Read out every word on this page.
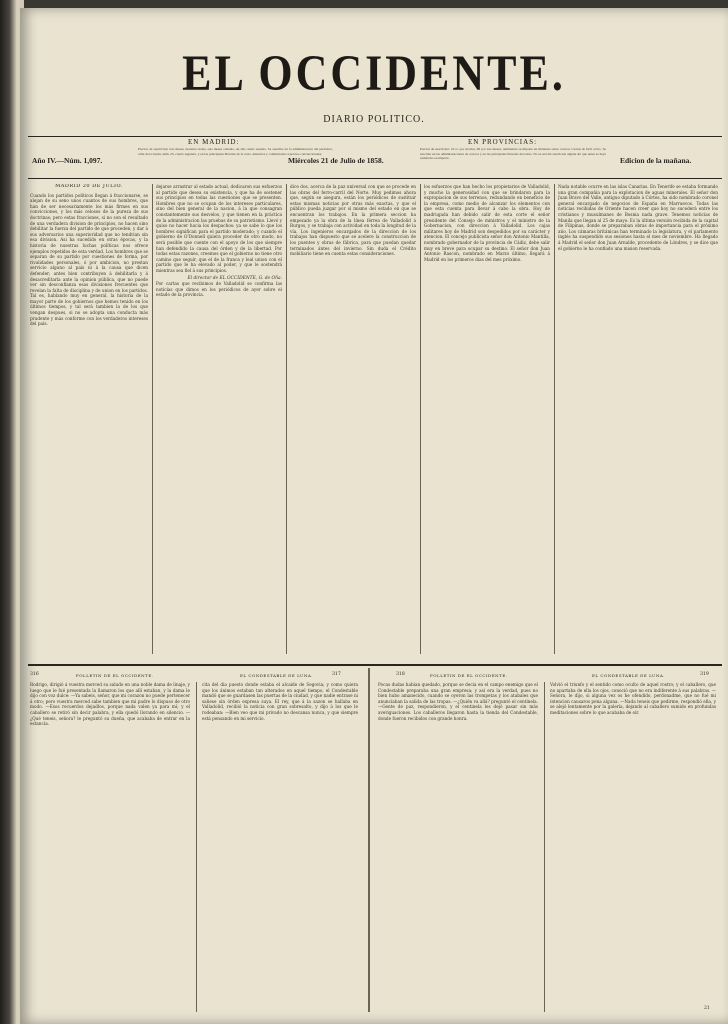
EL OCCIDENTE.
DIARIO POLITICO.
EN MADRID:	EN PROVINCIAS:
Año IV.—Núm. 1,097.
Precios de suscricion: tres meses cuarenta reales, seis meses ochenta, un año ciento sesenta. Se suscribe en la administracion del periódico, calle de la Greda, núm. 25, cuarto segundo, y en las principales librerías de la corte. Anuncios y comunicados á precios convencionales.
Miércoles 21 de Julio de 1858.
Precios de suscricion: 22 rs. por un mes, 60 por tres meses, remitiendo su importe en libranzas sobre correos ó letras de fácil cobro. Se suscribe en las administraciones de correos y en las principales librerías del reino. No se servirá suscricion alguna sin que antes se haya satisfecho su importe.	Edicion de la mañana.
MADRID 20 DE JULIO.
Cuando los partidos políticos llegan á fraccionarse, se alejan de su seno unos cuantos de sus hombres, que han de ser necesariamente los más firmes en sus convicciones, y los más celosos de la pureza de sus doctrinas; pero estas fracciones, si no son el resultado de una verdadera division de principios, no hacen sino debilitar la fuerza del partido de que proceden, y dar á sus adversarios una superioridad que no tendrian sin esa division. Asi ha sucedido en otras épocas, y la historia de nuestras luchas políticas nos ofrece ejemplos repetidos de esta verdad. Los hombres que se separan de su partido por cuestiones de forma, por rivalidades personales, ó por ambicion, no prestan servicio alguno al país ni á la causa que dicen defender; antes bien contribuyen á debilitarla y á desacreditarla ante la opinion pública, que no puede ver sin desconfianza esas divisiones frecuentes que revelan la falta de disciplina y de union en los partidos. Tal es, hablando muy en general, la historia de la mayor parte de los gobiernos que hemos tenido en los últimos tiempos, y tal será tambien la de los que vengan despues, si no se adopta una conducta más prudente y más conforme con los verdaderos intereses del país.
dejarse arrastrar al estado actual, dedicaron sus esfuerzos al partido que desea su existencia, y que ha de sostener sus principios en todas las cuestiones que se presenten. Hombres que no se ocupan de los intereses particulares, sino del bien general de la nacion, á la que consagran constantemente sus desvelos, y que tienen en la práctica de la administracion las pruebas de su patriotismo. Llevó y quiso no hacer hacia los despachos: ya se sabe lo que los hombres significan para el partido moderado; y cuando el gobierno de O'Donnell quiera proceder de otro modo, no será posible que cuente con el apoyo de los que siempre han defendido la causa del órden y de la libertad. Por todas estas razones, creemos que el gobierno no tiene otro camino que seguir, que el de la franca y leal union con el partido que le ha elevado al poder, y que le sostendrá mientras sea fiel á sus principios.
El director de EL OCCIDENTE, G. de Oña.
Por cartas que recibimos de Valladolid se confirma las noticias que dimos en los periódicos de ayer sobre el estado de la provincia.
dice dos, acerca de la paz universal con que se procede en las obras del ferro-carril del Norte. Muy pedimos ahora que, según se asegura, están los periódicos de sustituir estas mismas noticias por otras más exactas, y que el público pueda juzgar por sí mismo del estado en que se encuentran los trabajos. En la primera seccion ha empezado ya la obra de la línea férrea de Valladolid á Burgos, y se trabaja con actividad en toda la longitud de la vía. Los ingenieros encargados de la direccion de los trabajos han dispuesto que se acelere la construccion de los puentes y obras de fábrica, para que puedan quedar terminados ántes del invierno. Sin duda el Crédito mobiliario tiene en cuenta estas consideraciones.
los esfuerzos que han hecho los propietarios de Valladolid, y mucho la generosidad con que se brindaron para la expropiacion de sus terrenos, redundando en beneficio de la empresa, como medio de alcanzar los elementos con que esta cuenta para llevar á cabo la obra. Hoy de madrugada han debido salir de esta corte el señor presidente del Consejo de ministros y el ministro de la Gobernacion, con direccion á Valladolid. Los cajas militares hoy de Madrid son despedidos por su carácter y atencion. El concejo publicista señor don Antonio Mantilla, nombrado gobernador de la provincia de Cádiz, debe salir muy en breve para ocupar su destino. El señor don Juan Antonio Rascon, nombrado en Marzo último, llegará á Madrid en los primeros dias del mes próximo.
Nada notable ocurre en las islas Canarias. En Tenerife se estaba formando una gran compañía para la explotacion de aguas minerales. El señor don Juan Bravo del Valle, antiguo diputado á Córtes, ha sido nombrado coronel general encargado de negocios de España en Marruecos. Todas las noticias recibidas de Oriente hacen creer que hoy no sucederá entre los cristianos y musulmanes de Bosnia nada grave. Tenemos noticias de Manila que llegan al 25 de mayo. Es la última versión recibida de la capital de Filipinas, donde se preparaban obras de importancia para el próximo año. Los cámaras británicas han terminado la legislatura, y el parlamento inglés ha suspendido sus sesiones hasta el mes de noviembre. Ha llegado á Madrid el señor don Juan Arnalde, procedente de Lóndres, y se dice que el gobierno le ha confiado una mision reservada.
316	FOLLETIN DE EL OCCIDENTE.	EL CONDESTABLE DE LUNA.	317	318	FOLLETIN DE EL OCCIDENTE.	EL CONDESTABLE DE LUNA.	319
Rodrigo, dirigió á vuestra merced su saludo en una noble dama de linaje, y luego que le fué presentada la llamaron los que allí estaban, y la dama le dijo con voz dulce: —Ya sabeis, señor, que mi corazon no puede pertenecer á otro; pero vuestra merced sabe tambien que mi padre lo dispuso de otro modo. —Esos recuerdos dejadlos, porque nada valen ya para mí; y el caballero se retiró sin decir palabra, y ella quedó llorando en silencio. —¿Qué teneis, señora? le preguntó su dueña, que acababa de entrar en la estancia.
cita del dia puesto donde estaba el alcaide de Segovia; y como quiera que los ánimos estaban tan alterados en aquel tiempo, el Condestable mandó que se guardasen las puertas de la ciudad, y que nadie entrase ni saliese sin órden expresa suya. El rey, que á la sazon se hallaba en Valladolid, recibió la noticia con gran sobresalto, y dijo á los que le rodeaban: —Bien veo que mi privado no descansa nunca, y que siempre está pensando en mi servicio.
Pocas dudas habian quedado, porque se decia en el campo enemigo que el Condestable preparaba una gran empresa; y asi era la verdad, pues no bien hubo amanecido, cuando se oyeron las trompetas y los atabales que anunciaban la salida de las tropas. —¿Quién va allá? preguntó el centinela. —Gente de paz, respondieron, y el centinela les dejó pasar sin más averiguaciones. Los caballeros llegaron hasta la tienda del Condestable, donde fueron recibidos con grande honra.
Volvió el triunfo y el sentido como oculto de aquel rostro; y el caballero, que no apartaba de ella los ojos, conoció que no era indiferente á sus palabras. —Señora, le dijo, si alguna vez os he ofendido, perdonadme, que no fué mi intencion causaros pena alguna. —Nada teneis que pedirme, respondió ella, y se alejó lentamente por la galería, dejando al caballero sumido en profundas meditaciones sobre lo que acababa de oir.
21
